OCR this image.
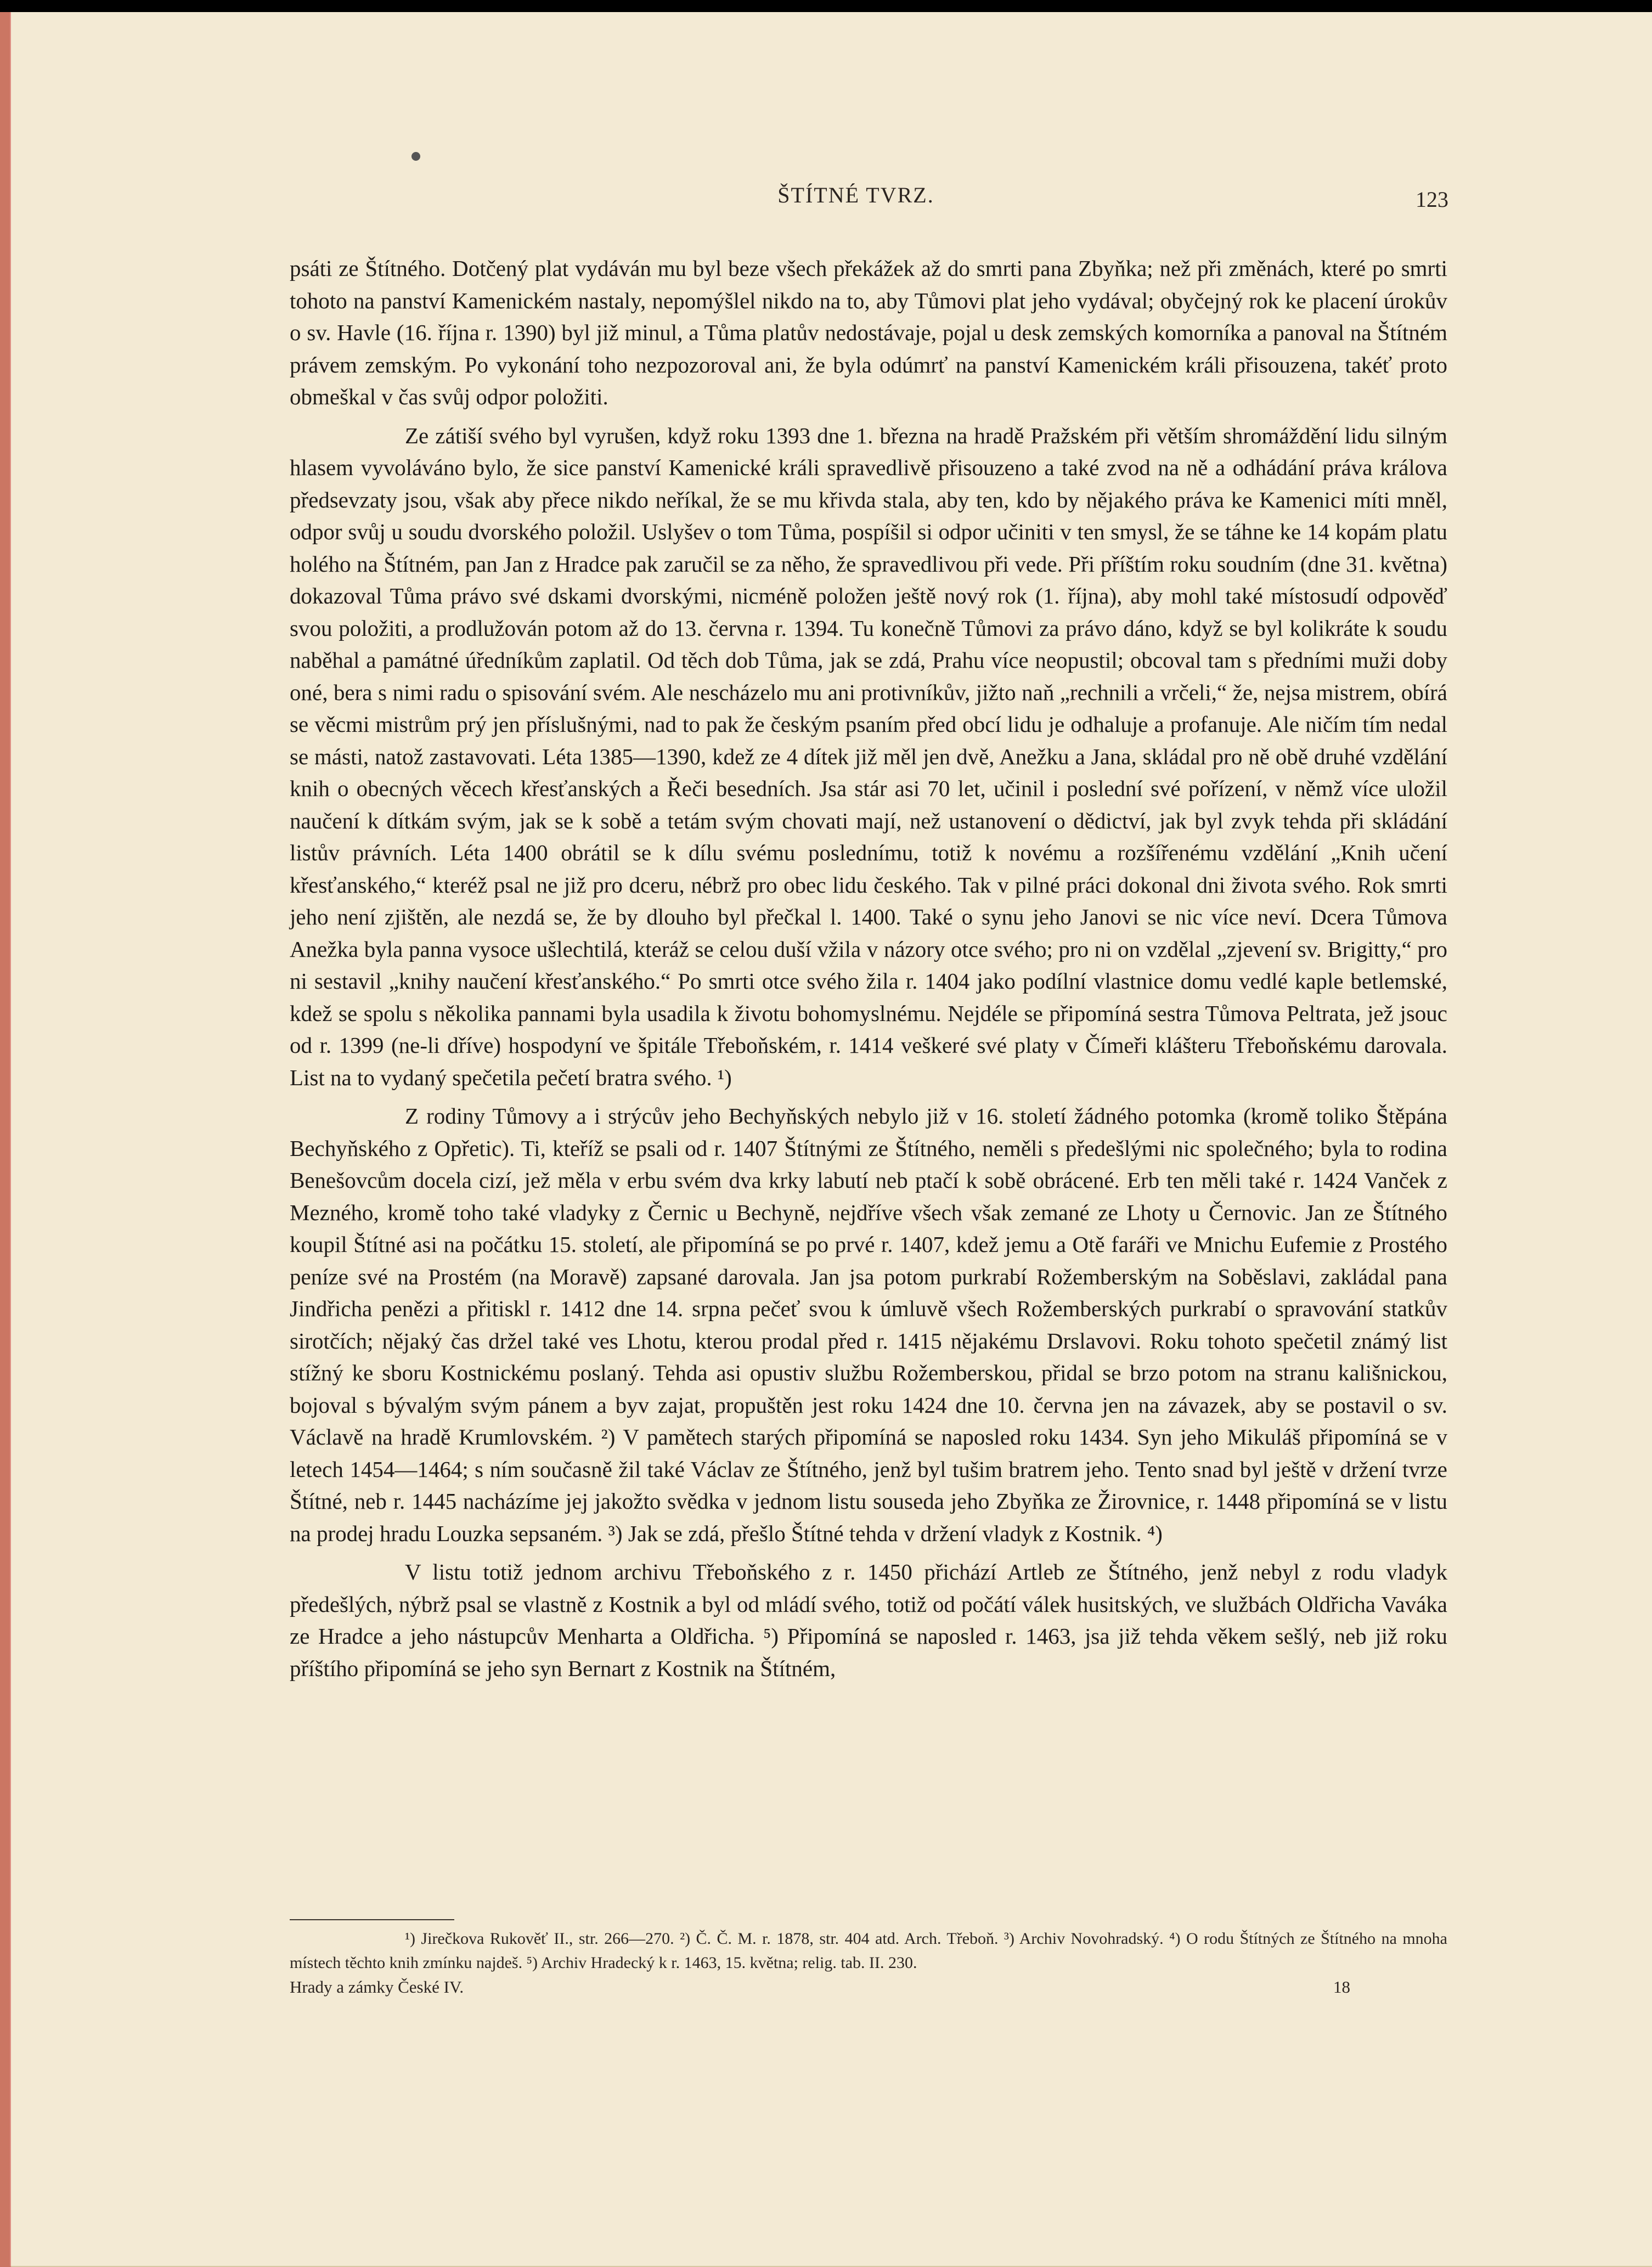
ŠTÍTNÉ TVRZ.	123

psáti ze Štítného. Dotčený plat vydáván mu byl beze všech překážek až do smrti pana Zbyňka; než při změnách, které po smrti tohoto na panství Kamenickém nastaly, nepomýšlel nikdo na to, aby Tůmovi plat jeho vydával; obyčejný rok ke placení úrokův o sv. Havle (16. října r. 1390) byl již minul, a Tůma platův nedostávaje, pojal u desk zemských komorníka a panoval na Štítném právem zemským. Po vykonání toho nezpozoroval ani, že byla odúmrť na panství Kamenickém králi přisouzena, takéť proto obmeškal v čas svůj odpor položiti.

Ze zátiší svého byl vyrušen, když roku 1393 dne 1. března na hradě Pražském při větším shromáždění lidu silným hlasem vyvoláváno bylo, že sice panství Kamenické králi spravedlivě přisouzeno a také zvod na ně a odhádání práva králova předsevzaty jsou, však aby přece nikdo neříkal, že se mu křivda stala, aby ten, kdo by nějakého práva ke Kamenici míti mněl, odpor svůj u soudu dvorského položil. Uslyšev o tom Tůma, pospíšil si odpor učiniti v ten smysl, že se táhne ke 14 kopám platu holého na Štítném, pan Jan z Hradce pak zaručil se za něho, že spravedlivou při vede. Při příštím roku soudním (dne 31. května) dokazoval Tůma právo své dskami dvorskými, nicméně položen ještě nový rok (1. října), aby mohl také místosudí odpověď svou položiti, a prodlužován potom až do 13. června r. 1394. Tu konečně Tůmovi za právo dáno, když se byl kolikráte k soudu naběhal a památné úředníkům zaplatil. Od těch dob Tůma, jak se zdá, Prahu více neopustil; obcoval tam s předními muži doby oné, bera s nimi radu o spisování svém. Ale nescházelo mu ani protivníkův, jižto naň „rechnili a vrčeli,“ že, nejsa mistrem, obírá se věcmi mistrům prý jen příslušnými, nad to pak že českým psaním před obcí lidu je odhaluje a profanuje. Ale ničím tím nedal se másti, natož zastavovati. Léta 1385—1390, kdež ze 4 dítek již měl jen dvě, Anežku a Jana, skládal pro ně obě druhé vzdělání knih o obecných věcech křesťanských a Řeči besedních. Jsa stár asi 70 let, učinil i poslední své pořízení, v němž více uložil naučení k dítkám svým, jak se k sobě a tetám svým chovati mají, než ustanovení o dědictví, jak byl zvyk tehda při skládání listův právních. Léta 1400 obrátil se k dílu svému poslednímu, totiž k novému a rozšířenému vzdělání „Knih učení křesťanského,“ kteréž psal ne již pro dceru, nébrž pro obec lidu českého. Tak v pilné práci dokonal dni života svého. Rok smrti jeho není zjištěn, ale nezdá se, že by dlouho byl přečkal l. 1400. Také o synu jeho Janovi se nic více neví. Dcera Tůmova Anežka byla panna vysoce ušlechtilá, kteráž se celou duší vžila v názory otce svého; pro ni on vzdělal „zjevení sv. Brigitty,“ pro ni sestavil „knihy naučení křesťanského.“ Po smrti otce svého žila r. 1404 jako podílní vlastnice domu vedlé kaple betlemské, kdež se spolu s několika pannami byla usadila k životu bohomyslnému. Nejdéle se připomíná sestra Tůmova Peltrata, jež jsouc od r. 1399 (ne-li dříve) hospodyní ve špitále Třeboňském, r. 1414 veškeré své platy v Čímeři klášteru Třeboňskému darovala. List na to vydaný spečetila pečetí bratra svého. ¹)

Z rodiny Tůmovy a i strýcův jeho Bechyňských nebylo již v 16. století žádného potomka (kromě toliko Štěpána Bechyňského z Opřetic). Ti, kteříž se psali od r. 1407 Štítnými ze Štítného, neměli s předešlými nic společného; byla to rodina Benešovcům docela cizí, jež měla v erbu svém dva krky labutí neb ptačí k sobě obrácené. Erb ten měli také r. 1424 Vanček z Mezného, kromě toho také vladyky z Černic u Bechyně, nejdříve všech však zemané ze Lhoty u Černovic. Jan ze Štítného koupil Štítné asi na počátku 15. století, ale připomíná se po prvé r. 1407, kdež jemu a Otě faráři ve Mnichu Eufemie z Prostého peníze své na Prostém (na Moravě) zapsané darovala. Jan jsa potom purkrabí Rožemberským na Soběslavi, zakládal pana Jindřicha penězi a přitiskl r. 1412 dne 14. srpna pečeť svou k úmluvě všech Rožemberských purkrabí o spravování statkův sirotčích; nějaký čas držel také ves Lhotu, kterou prodal před r. 1415 nějakému Drslavovi. Roku tohoto spečetil známý list stížný ke sboru Kostnickému poslaný. Tehda asi opustiv službu Rožemberskou, přidal se brzo potom na stranu kališnickou, bojoval s bývalým svým pánem a byv zajat, propuštěn jest roku 1424 dne 10. června jen na závazek, aby se postavil o sv. Václavě na hradě Krumlovském. ²) V pamětech starých připomíná se naposled roku 1434. Syn jeho Mikuláš připomíná se v letech 1454—1464; s ním současně žil také Václav ze Štítného, jenž byl tušim bratrem jeho. Tento snad byl ještě v držení tvrze Štítné, neb r. 1445 nacházíme jej jakožto svědka v jednom listu souseda jeho Zbyňka ze Žirovnice, r. 1448 připomíná se v listu na prodej hradu Louzka sepsaném. ³) Jak se zdá, přešlo Štítné tehda v držení vladyk z Kostnik. ⁴)

V listu totiž jednom archivu Třeboňského z r. 1450 přichází Artleb ze Štítného, jenž nebyl z rodu vladyk předešlých, nýbrž psal se vlastně z Kostnik a byl od mládí svého, totiž od počátí válek husitských, ve službách Oldřicha Vaváka ze Hradce a jeho nástupcův Menharta a Oldřicha. ⁵) Připomíná se naposled r. 1463, jsa již tehda věkem sešlý, neb již roku příštího připomíná se jeho syn Bernart z Kostnik na Štítném,

¹) Jirečkova Rukověť II., str. 266—270. ²) Č. Č. M. r. 1878, str. 404 atd. Arch. Třeboň. ³) Archiv Novohradský. ⁴) O rodu Štítných ze Štítného na mnoha místech těchto knih zmínku najdeš. ⁵) Archiv Hradecký k r. 1463, 15. května; relig. tab. II. 230.
Hrady a zámky České IV.	18
